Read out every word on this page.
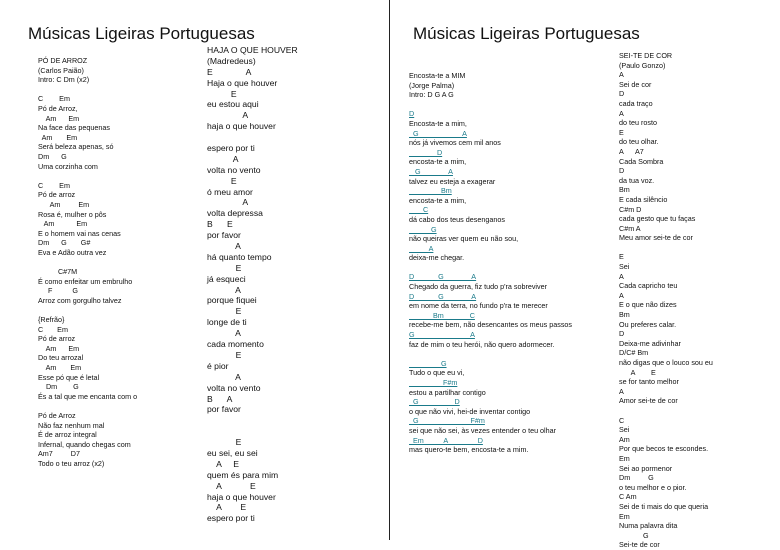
Músicas Ligeiras Portuguesas	Músicas Ligeiras Portuguesas
PÓ DE ARROZ
(Carlos Paião)
Intro: C Dm (x2)

C        Em
Pó de Arroz,
Am      Em
Na face das pequenas
Am       Em
Será beleza apenas, só
Dm      G
Uma corzinha com

C        Em
Pó de arroz
Am         Em
Rosa é, mulher o pôs
Am           Em
E o homem vai nas cenas
Dm      G       G#
Eva e Adão outra vez

C#7M
É como enfeitar um embrulho
F          G
Arroz com gorgulho talvez

{Refrão}
C       Em
Pó de arroz
Am      Em
Do teu arrozal
Am       Em
Esse pó que é letal
Dm        G
És a tal que me encanta com o

Pó de Arroz
Não faz nenhum mal
É de arroz integral
Infernal, quando chegas com
Am7         D7
Todo o teu arroz (x2)
HAJA O QUE HOUVER
(Madredeus)
E              A
Haja o que houver
E
eu estou aqui
A
haja o que houver

espero por ti
A
volta no vento
E
ó meu amor
A
volta depressa
B      E
por favor
A
há quanto tempo
E
já esqueci
A
porque fiquei
E
longe de ti
A
cada momento
E
é pior
A
volta no vento
B      A
por favor

E
eu sei, eu sei
A     E
quem és para mim
A            E
haja o que houver
A        E
espero por ti
Encosta-te a MIM
(Jorge Palma)
Intro: D G A G

D
Encosta-te a mim,
G                      A
nós já vivemos cem mil anos
D
encosta-te a mim,
G              A
talvez eu esteja a exagerar
Bm
encosta-te a mim,
C
dá cabo dos teus desenganos
G
não queiras ver quem eu não sou,
A
deixa-me chegar.

D            G              A
Chegado da guerra, fiz tudo p'ra sobreviver
D            G              A
em nome da terra, no fundo p'ra te merecer
Bm             C
recebe-me bem, não desencantes os meus passos
G                            A
faz de mim o teu herói, não quero adormecer.

G
Tudo o que eu vi,
F#m
estou a partilhar contigo
G                  D
o que não vivi, hei-de inventar contigo
G                          F#m
sei que não sei, às vezes entender o teu olhar
Em          A               D
mas quero-te bem, encosta-te a mim.
SEI-TE DE COR
(Paulo Gonzo)
A
Sei de cor
D
cada traço
A
do teu rosto
E
do teu olhar.
A      A7
Cada Sombra
D
da tua voz.
Bm
E cada silêncio
C#m D
cada gesto que tu faças
C#m A
Meu amor sei-te de cor

E
Sei
A
Cada capricho teu
A
E o que não dizes
Bm
Ou preferes calar.
D
Deixa-me adivinhar
D/C# Bm
não digas que o louco sou eu
A        E
se for tanto melhor
A
Amor sei-te de cor

C
Sei
Am
Por que becos te escondes.
Em
Sei ao pormenor
Dm         G
o teu melhor e o pior.
C Am
Sei de ti mais do que queria
Em
Numa palavra dita
G
Sei-te de cor
